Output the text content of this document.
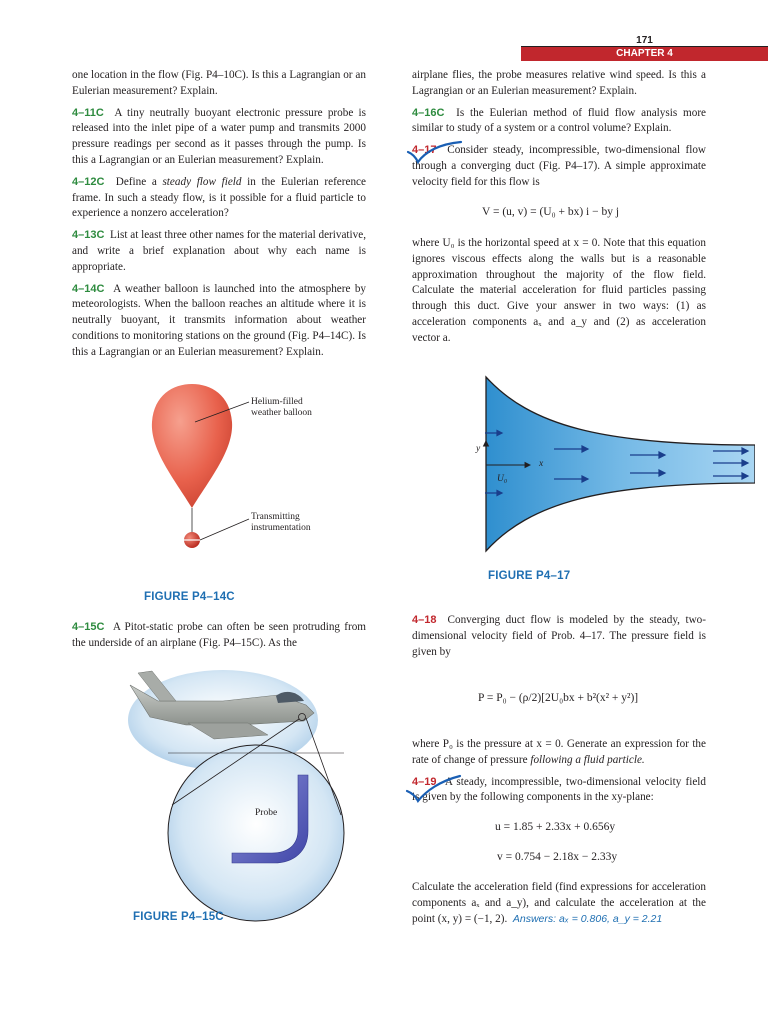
171
CHAPTER 4

one location in the flow (Fig. P4–10C). Is this a Lagrangian or an Eulerian measurement? Explain.

4–11C A tiny neutrally buoyant electronic pressure probe is released into the inlet pipe of a water pump and transmits 2000 pressure readings per second as it passes through the pump. Is this a Lagrangian or an Eulerian measurement? Explain.

4–12C Define a steady flow field in the Eulerian reference frame. In such a steady flow, is it possible for a fluid particle to experience a nonzero acceleration?

4–13C List at least three other names for the material derivative, and write a brief explanation about why each name is appropriate.

4–14C A weather balloon is launched into the atmosphere by meteorologists. When the balloon reaches an altitude where it is neutrally buoyant, it transmits information about weather conditions to monitoring stations on the ground (Fig. P4–14C). Is this a Lagrangian or an Eulerian measurement? Explain.

Helium-filled
weather balloon
Transmitting
instrumentation
FIGURE P4–14C

4–15C A Pitot-static probe can often be seen protruding from the underside of an airplane (Fig. P4–15C). As the

Probe
FIGURE P4–15C

airplane flies, the probe measures relative wind speed. Is this a Lagrangian or an Eulerian measurement? Explain.

4–16C Is the Eulerian method of fluid flow analysis more similar to study of a system or a control volume? Explain.

4–17 Consider steady, incompressible, two-dimensional flow through a converging duct (Fig. P4–17). A simple approximate velocity field for this flow is

V = (u, v) = (U₀ + bx) i − by j

where U₀ is the horizontal speed at x = 0. Note that this equation ignores viscous effects along the walls but is a reasonable approximation throughout the majority of the flow field. Calculate the material acceleration for fluid particles passing through this duct. Give your answer in two ways: (1) as acceleration components aₓ and a_y and (2) as acceleration vector a.

y
x
U₀
FIGURE P4–17

4–18 Converging duct flow is modeled by the steady, two-dimensional velocity field of Prob. 4–17. The pressure field is given by

P = P₀ − (ρ/2)[2U₀bx + b²(x² + y²)]

where P₀ is the pressure at x = 0. Generate an expression for the rate of change of pressure following a fluid particle.

4–19 A steady, incompressible, two-dimensional velocity field is given by the following components in the xy-plane:

u = 1.85 + 2.33x + 0.656y
v = 0.754 − 2.18x − 2.33y

Calculate the acceleration field (find expressions for acceleration components aₓ and a_y), and calculate the acceleration at the point (x, y) = (−1, 2). Answers: aₓ = 0.806, a_y = 2.21
